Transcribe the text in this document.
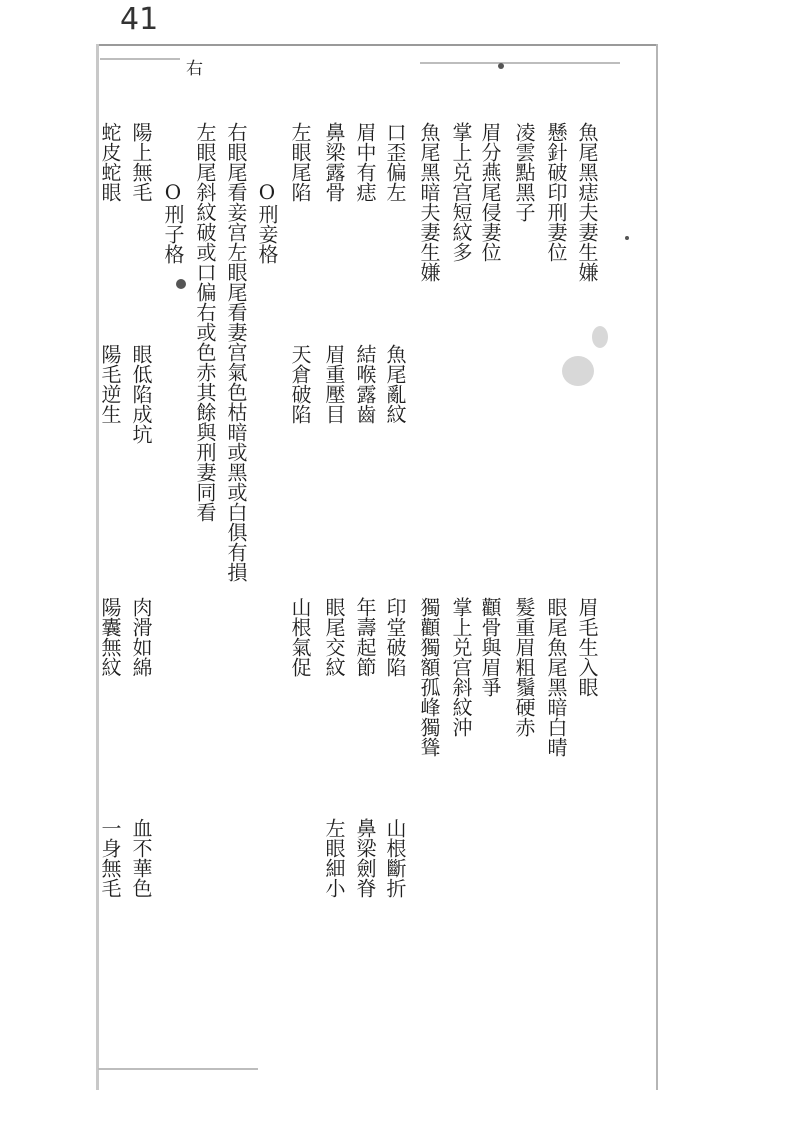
41
右
魚尾黑痣夫妻生嫌
懸針破印刑妻位
凌雲點黑子
眉分燕尾侵妻位
掌上兑宫短紋多
魚尾黑暗夫妻生嫌
口歪偏左
眉中有痣
鼻梁露骨
左眼尾陷
O刑妾格
右眼尾看妾宫左眼尾看妻宫氣色枯暗或黑或白俱有損
左眼尾斜紋破或口偏右或色赤其餘與刑妻同看
O刑子格
陽上無毛
蛇皮蛇眼
魚尾亂紋
結喉露齒
眉重壓目
天倉破陷
眼低陷成坑
陽毛逆生
眉毛生入眼
眼尾魚尾黑暗白晴
髮重眉粗鬚硬赤
顴骨與眉爭
掌上兑宫斜紋沖
獨顴獨額孤峰獨聳
印堂破陷
年壽起節
眼尾交紋
山根氣促
肉滑如綿
陽囊無紋
山根斷折
鼻梁劍脊
左眼細小
血不華色
一身無毛
